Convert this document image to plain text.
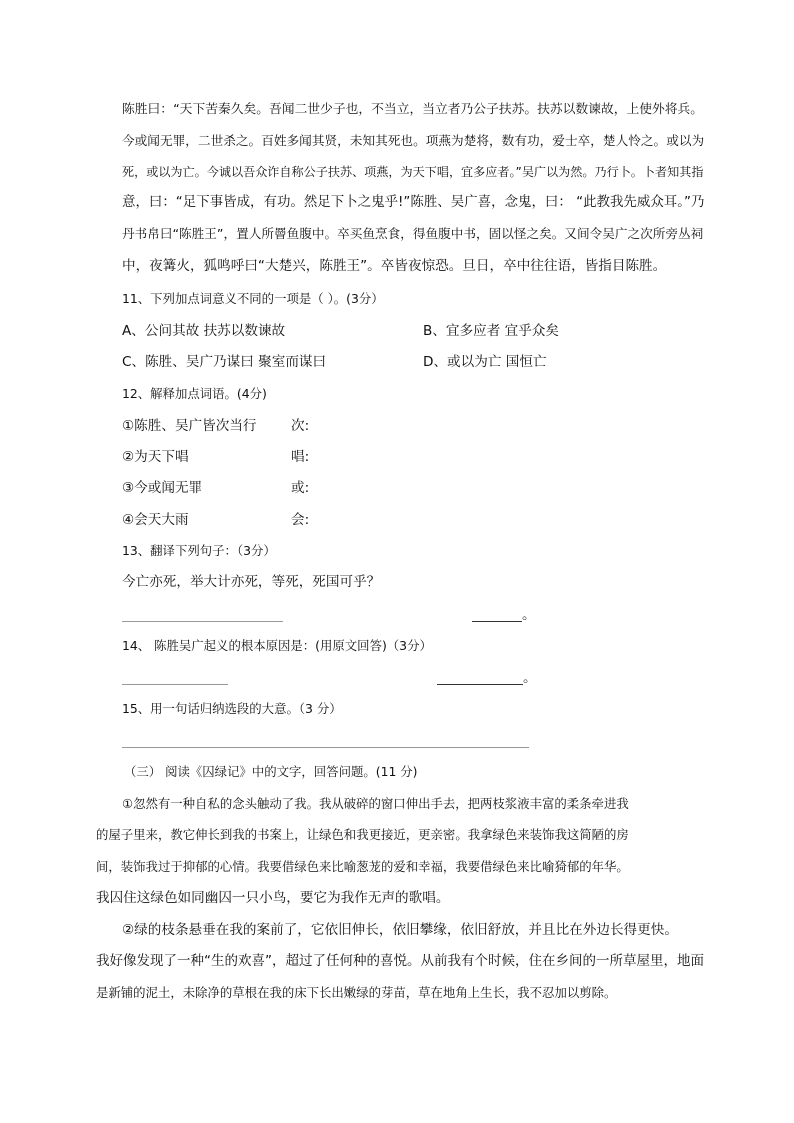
陈胜曰：“天下苦秦久矣。吾闻二世少子也，不当立，当立者乃公子扶苏。扶苏以数谏故，上使外将兵。
今或闻无罪，二世杀之。百姓多闻其贤，未知其死也。项燕为楚将，数有功，爱士卒，楚人怜之。或以为
死，或以为亡。今诚以吾众诈自称公子扶苏、项燕，为天下唱，宜多应者。”吴广以为然。乃行卜。卜者知其指
意，曰：“足下事皆成，有功。然足下卜之鬼乎!”陈胜、吴广喜，念鬼，曰： “此教我先威众耳。”乃
丹书帛曰“陈胜王”，置人所罾鱼腹中。卒买鱼烹食，得鱼腹中书，固以怪之矣。又间令吴广之次所旁丛祠
中，夜篝火，狐鸣呼曰“大楚兴，陈胜王”。卒皆夜惊恐。旦日，卒中往往语，皆指目陈胜。
11、下列加点词意义不同的一项是（ ）。(3分）
A、公问其故 扶苏以数谏故	B、宜多应者 宜乎众矣
C、陈胜、吴广乃谋曰 聚室而谋曰	D、或以为亡 国恒亡
12、解释加点词语。(4分)
①陈胜、吴广皆次当行	次:
②为天下唱	唱:
③今或闻无罪	或:
④会天大雨	会:
13、翻译下列句子：（3分）
今亡亦死，举大计亦死，等死，死国可乎？
。
14、 陈胜吴广起义的根本原因是：(用原文回答)（3分）
。
15、用一句话归纳选段的大意。（3 分）
（三） 阅读《囚绿记》中的文字，回答问题。(11 分)
①忽然有一种自私的念头触动了我。我从破碎的窗口伸出手去，把两枝浆液丰富的柔条牵进我
的屋子里来，教它伸长到我的书案上，让绿色和我更接近，更亲密。我拿绿色来装饰我这简陋的房
间，装饰我过于抑郁的心情。我要借绿色来比喻葱茏的爱和幸福，我要借绿色来比喻猗郁的年华。
我囚住这绿色如同幽囚一只小鸟，要它为我作无声的歌唱。
②绿的枝条悬垂在我的案前了，它依旧伸长，依旧攀缘，依旧舒放，并且比在外边长得更快。
我好像发现了一种“生的欢喜”，超过了任何种的喜悦。从前我有个时候，住在乡间的一所草屋里，地面
是新铺的泥土，未除净的草根在我的床下长出嫩绿的芽苗，草在地角上生长，我不忍加以剪除。
